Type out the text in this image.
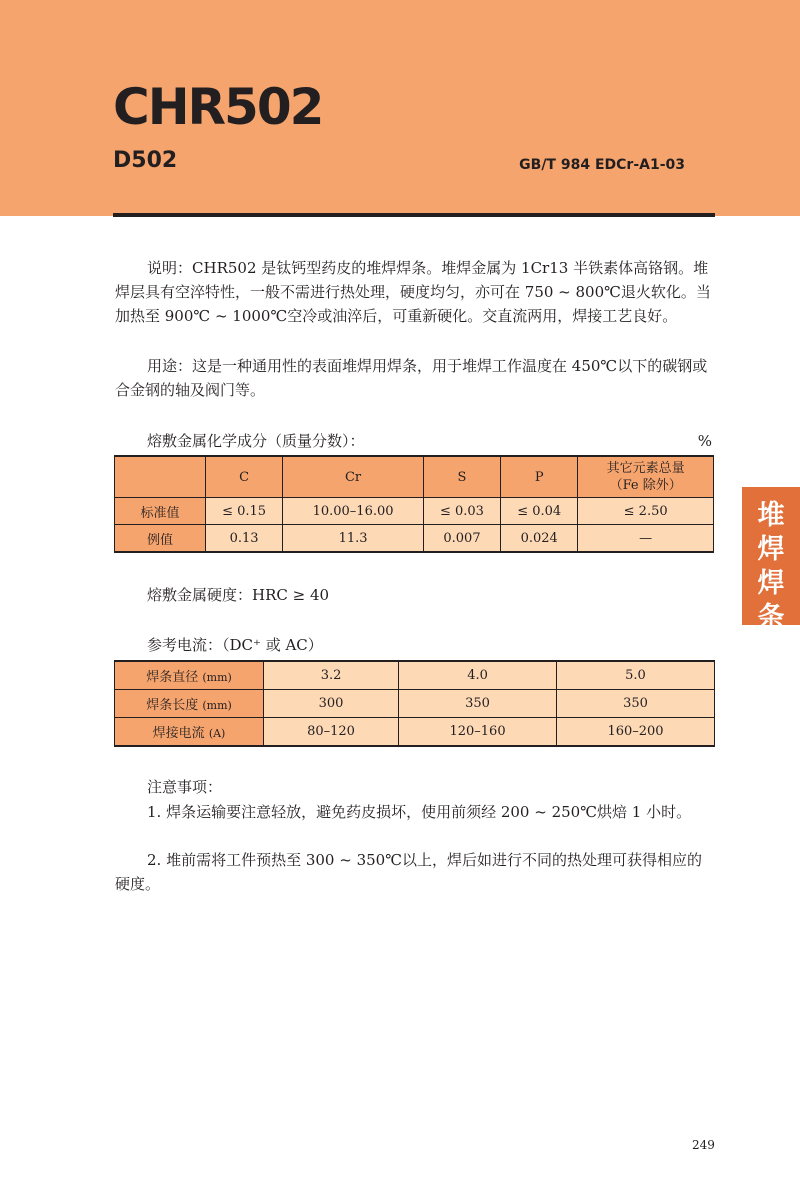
CHR502
D502	GB/T 984 EDCr-A1-03
堆焊焊条

说明：CHR502 是钛钙型药皮的堆焊焊条。堆焊金属为 1Cr13 半铁素体高铬钢。堆焊层具有空淬特性，一般不需进行热处理，硬度均匀，亦可在 750 ~ 800℃退火软化。当加热至 900℃ ~ 1000℃空冷或油淬后，可重新硬化。交直流两用，焊接工艺良好。

用途：这是一种通用性的表面堆焊用焊条，用于堆焊工作温度在 450℃以下的碳钢或合金钢的轴及阀门等。

熔敷金属化学成分（质量分数）：	%
	C	Cr	S	P	其它元素总量
（Fe 除外）

标准值	≤ 0.15	10.00–16.00	≤ 0.03	≤ 0.04	≤ 2.50
例值	0.13	11.3	0.007	0.024	—
熔敷金属硬度：HRC ≥ 40
参考电流：（DC⁺ 或 AC）
焊条直径 (mm)	3.2	4.0	5.0
焊条长度 (mm)	300	350	350
焊接电流 (A)	80–120	120–160	160–200
注意事项：

1. 焊条运输要注意轻放，避免药皮损坏，使用前须经 200 ~ 250℃烘焙 1 小时。

2. 堆前需将工件预热至 300 ~ 350℃以上，焊后如进行不同的热处理可获得相应的硬度。

249
